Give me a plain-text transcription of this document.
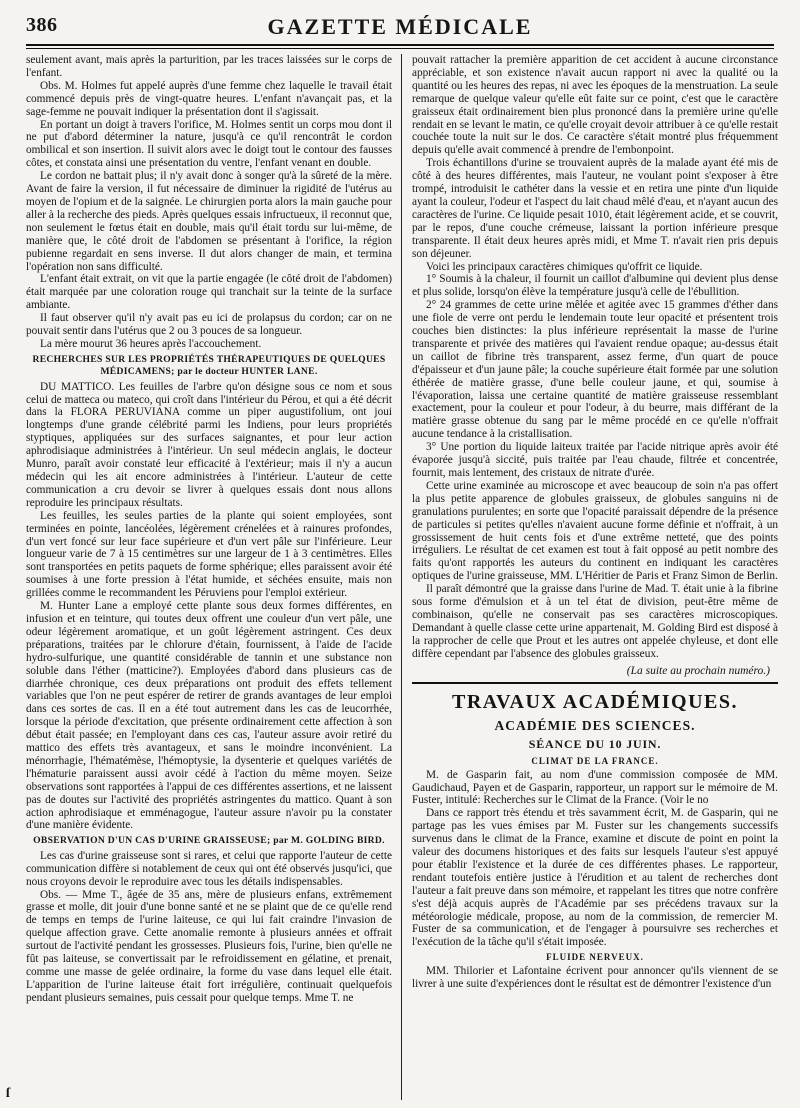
386	GAZETTE MÉDICALE

seulement avant, mais après la parturition, par les traces laissées sur le corps de l'enfant.

Obs. M. Holmes fut appelé auprès d'une femme chez laquelle le travail était commencé depuis près de vingt-quatre heures. L'enfant n'avançait pas, et la sage-femme ne pouvait indiquer la présentation dont il s'agissait.

En portant un doigt à travers l'orifice, M. Holmes sentit un corps mou dont il ne put d'abord déterminer la nature, jusqu'à ce qu'il rencontrât le cordon ombilical et son insertion. Il suivit alors avec le doigt tout le contour des fausses côtes, et constata ainsi une présentation du ventre, l'enfant venant en double.

Le cordon ne battait plus; il n'y avait donc à songer qu'à la sûreté de la mère. Avant de faire la version, il fut nécessaire de diminuer la rigidité de l'utérus au moyen de l'opium et de la saignée. Le chirurgien porta alors la main gauche pour aller à la recherche des pieds. Après quelques essais infructueux, il reconnut que, non seulement le fœtus était en double, mais qu'il était tordu sur lui-même, de manière que, le côté droit de l'abdomen se présentant à l'orifice, la région pubienne regardait en sens inverse. Il dut alors changer de main, et termina l'opération non sans difficulté.

L'enfant était extrait, on vit que la partie engagée (le côté droit de l'abdomen) était marquée par une coloration rouge qui tranchait sur la teinte de la surface ambiante.

Il faut observer qu'il n'y avait pas eu ici de prolapsus du cordon; car on ne pouvait sentir dans l'utérus que 2 ou 3 pouces de sa longueur.

La mère mourut 36 heures après l'accouchement.

RECHERCHES SUR LES PROPRIÉTÉS THÉRAPEUTIQUES DE QUELQUES MÉDICAMENS; par le docteur HUNTER LANE.

DU MATTICO. Les feuilles de l'arbre qu'on désigne sous ce nom et sous celui de matteca ou mateco, qui croît dans l'intérieur du Pérou, et qui a été décrit dans la FLORA PERUVIANA comme un piper augustifolium, ont joui longtemps d'une grande célébrité parmi les Indiens, pour leurs propriétés styptiques, appliquées sur des surfaces saignantes, et pour leur action aphrodisiaque administrées à l'intérieur. Un seul médecin anglais, le docteur Munro, paraît avoir constaté leur efficacité à l'extérieur; mais il n'y a aucun médecin qui les ait encore administrées à l'intérieur. L'auteur de cette communication a cru devoir se livrer à quelques essais dont nous allons reproduire les principaux résultats.

Les feuilles, les seules parties de la plante qui soient employées, sont terminées en pointe, lancéolées, légèrement crénelées et à rainures profondes, d'un vert foncé sur leur face supérieure et d'un vert pâle sur l'inférieure. Leur longueur varie de 7 à 15 centimètres sur une largeur de 1 à 3 centimètres. Elles sont transportées en petits paquets de forme sphérique; elles paraissent avoir été soumises à une forte pression à l'état humide, et séchées ensuite, mais non grillées comme le recommandent les Péruviens pour l'emploi extérieur.

M. Hunter Lane a employé cette plante sous deux formes différentes, en infusion et en teinture, qui toutes deux offrent une couleur d'un vert pâle, une odeur légèrement aromatique, et un goût légèrement astringent. Ces deux préparations, traitées par le chlorure d'étain, fournissent, à l'aide de l'acide hydro-sulfurique, une quantité considérable de tannin et une substance non soluble dans l'éther (matticine?). Employées d'abord dans plusieurs cas de diarrhée chronique, ces deux préparations ont produit des effets tellement variables que l'on ne peut espérer de retirer de grands avantages de leur emploi dans ces sortes de cas. Il en a été tout autrement dans les cas de leucorrhée, lorsque la période d'excitation, que présente ordinairement cette affection à son début était passée; en l'employant dans ces cas, l'auteur assure avoir retiré du mattico des effets très avantageux, et sans le moindre inconvénient. La ménorrhagie, l'hématémèse, l'hémoptysie, la dysenterie et quelques variétés de l'hématurie paraissent aussi avoir cédé à l'action du même moyen. Seize observations sont rapportées à l'appui de ces différentes assertions, et ne laissent pas de doutes sur l'activité des propriétés astringentes du mattico. Quant à son action aphrodisiaque et emménagogue, l'auteur assure n'avoir pu la constater d'une manière évidente.

OBSERVATION D'UN CAS D'URINE GRAISSEUSE; par M. GOLDING BIRD.

Les cas d'urine graisseuse sont si rares, et celui que rapporte l'auteur de cette communication diffère si notablement de ceux qui ont été observés jusqu'ici, que nous croyons devoir le reproduire avec tous les détails indispensables.

Obs. — Mme T., âgée de 35 ans, mère de plusieurs enfans, extrêmement grasse et molle, dit jouir d'une bonne santé et ne se plaint que de ce qu'elle rend de temps en temps de l'urine laiteuse, ce qui lui fait craindre l'invasion de quelque affection grave. Cette anomalie remonte à plusieurs années et offrait surtout de l'activité pendant les grossesses. Plusieurs fois, l'urine, bien qu'elle ne fût pas laiteuse, se convertissait par le refroidissement en gélatine, et prenait, comme une masse de gelée ordinaire, la forme du vase dans lequel elle était. L'apparition de l'urine laiteuse était fort irrégulière, continuait quelquefois pendant plusieurs semaines, puis cessait pour quelque temps. Mme T. ne

pouvait rattacher la première apparition de cet accident à aucune circonstance appréciable, et son existence n'avait aucun rapport ni avec la qualité ou la quantité ou les heures des repas, ni avec les époques de la menstruation. La seule remarque de quelque valeur qu'elle eût faite sur ce point, c'est que le caractère graisseux était ordinairement bien plus prononcé dans la première urine qu'elle rendait en se levant le matin, ce qu'elle croyait devoir attribuer à ce qu'elle restait couchée toute la nuit sur le dos. Ce caractère s'était montré plus fréquemment depuis qu'elle avait commencé à prendre de l'embonpoint.

Trois échantillons d'urine se trouvaient auprès de la malade ayant été mis de côté à des heures différentes, mais l'auteur, ne voulant point s'exposer à être trompé, introduisit le cathéter dans la vessie et en retira une pinte d'un liquide ayant la couleur, l'odeur et l'aspect du lait chaud mêlé d'eau, et n'ayant aucun des caractères de l'urine. Ce liquide pesait 1010, était légèrement acide, et se couvrit, par le repos, d'une couche crémeuse, laissant la portion inférieure presque transparente. Il était deux heures après midi, et Mme T. n'avait rien pris depuis son déjeuner.

Voici les principaux caractères chimiques qu'offrit ce liquide.

1° Soumis à la chaleur, il fournit un caillot d'albumine qui devient plus dense et plus solide, lorsqu'on élève la température jusqu'à celle de l'ébullition.

2° 24 grammes de cette urine mêlée et agitée avec 15 grammes d'éther dans une fiole de verre ont perdu le lendemain toute leur opacité et présentent trois couches bien distinctes: la plus inférieure représentait la masse de l'urine transparente et privée des matières qui l'avaient rendue opaque; au-dessus était un caillot de fibrine très transparent, assez ferme, d'un quart de pouce d'épaisseur et d'un jaune pâle; la couche supérieure était formée par une solution éthérée de matière grasse, d'une belle couleur jaune, et qui, soumise à l'évaporation, laissa une certaine quantité de matière graisseuse ressemblant exactement, pour la couleur et pour l'odeur, à du beurre, mais différant de la matière grasse obtenue du sang par le même procédé en ce qu'elle n'offrait aucune tendance à la cristallisation.

3° Une portion du liquide laiteux traitée par l'acide nitrique après avoir été évaporée jusqu'à siccité, puis traitée par l'eau chaude, filtrée et concentrée, fournit, mais lentement, des cristaux de nitrate d'urée.

Cette urine examinée au microscope et avec beaucoup de soin n'a pas offert la plus petite apparence de globules graisseux, de globules sanguins ni de granulations purulentes; en sorte que l'opacité paraissait dépendre de la présence de particules si petites qu'elles n'avaient aucune forme définie et n'offrait, à un grossissement de huit cents fois et d'une extrême netteté, que des points irréguliers. Le résultat de cet examen est tout à fait opposé au petit nombre des faits qu'ont rapportés les auteurs du continent en indiquant les caractères optiques de l'urine graisseuse, MM. L'Héritier de Paris et Franz Simon de Berlin.

Il paraît démontré que la graisse dans l'urine de Mad. T. était unie à la fibrine sous forme d'émulsion et à un tel état de division, peut-être même de combinaison, qu'elle ne conservait pas ses caractères microscopiques. Demandant à quelle classe cette urine appartenait, M. Golding Bird est disposé à la rapprocher de celle que Prout et les autres ont appelée chyleuse, et dont elle diffère cependant par l'absence des globules graisseux.

(La suite au prochain numéro.)
TRAVAUX ACADÉMIQUES.
ACADÉMIE DES SCIENCES.
SÉANCE DU 10 JUIN.
CLIMAT DE LA FRANCE.

M. de Gasparin fait, au nom d'une commission composée de MM. Gaudichaud, Payen et de Gasparin, rapporteur, un rapport sur le mémoire de M. Fuster, intitulé: Recherches sur le Climat de la France. (Voir le no

Dans ce rapport très étendu et très savamment écrit, M. de Gasparin, qui ne partage pas les vues émises par M. Fuster sur les changements successifs survenus dans le climat de la France, examine et discute de point en point la valeur des documens historiques et des faits sur lesquels l'auteur s'est appuyé pour établir l'existence et la durée de ces différentes phases. Le rapporteur, rendant toutefois entière justice à l'érudition et au talent de recherches dont l'auteur a fait preuve dans son mémoire, et rappelant les titres que notre confrère s'est déjà acquis auprès de l'Académie par ses précédens travaux sur la météorologie médicale, propose, au nom de la commission, de remercier M. Fuster de sa communication, et de l'engager à poursuivre ses recherches et l'exécution de la tâche qu'il s'était imposée.

FLUIDE NERVEUX.

MM. Thilorier et Lafontaine écrivent pour annoncer qu'ils viennent de se livrer à une suite d'expériences dont le résultat est de démontrer l'existence d'un

ſ
